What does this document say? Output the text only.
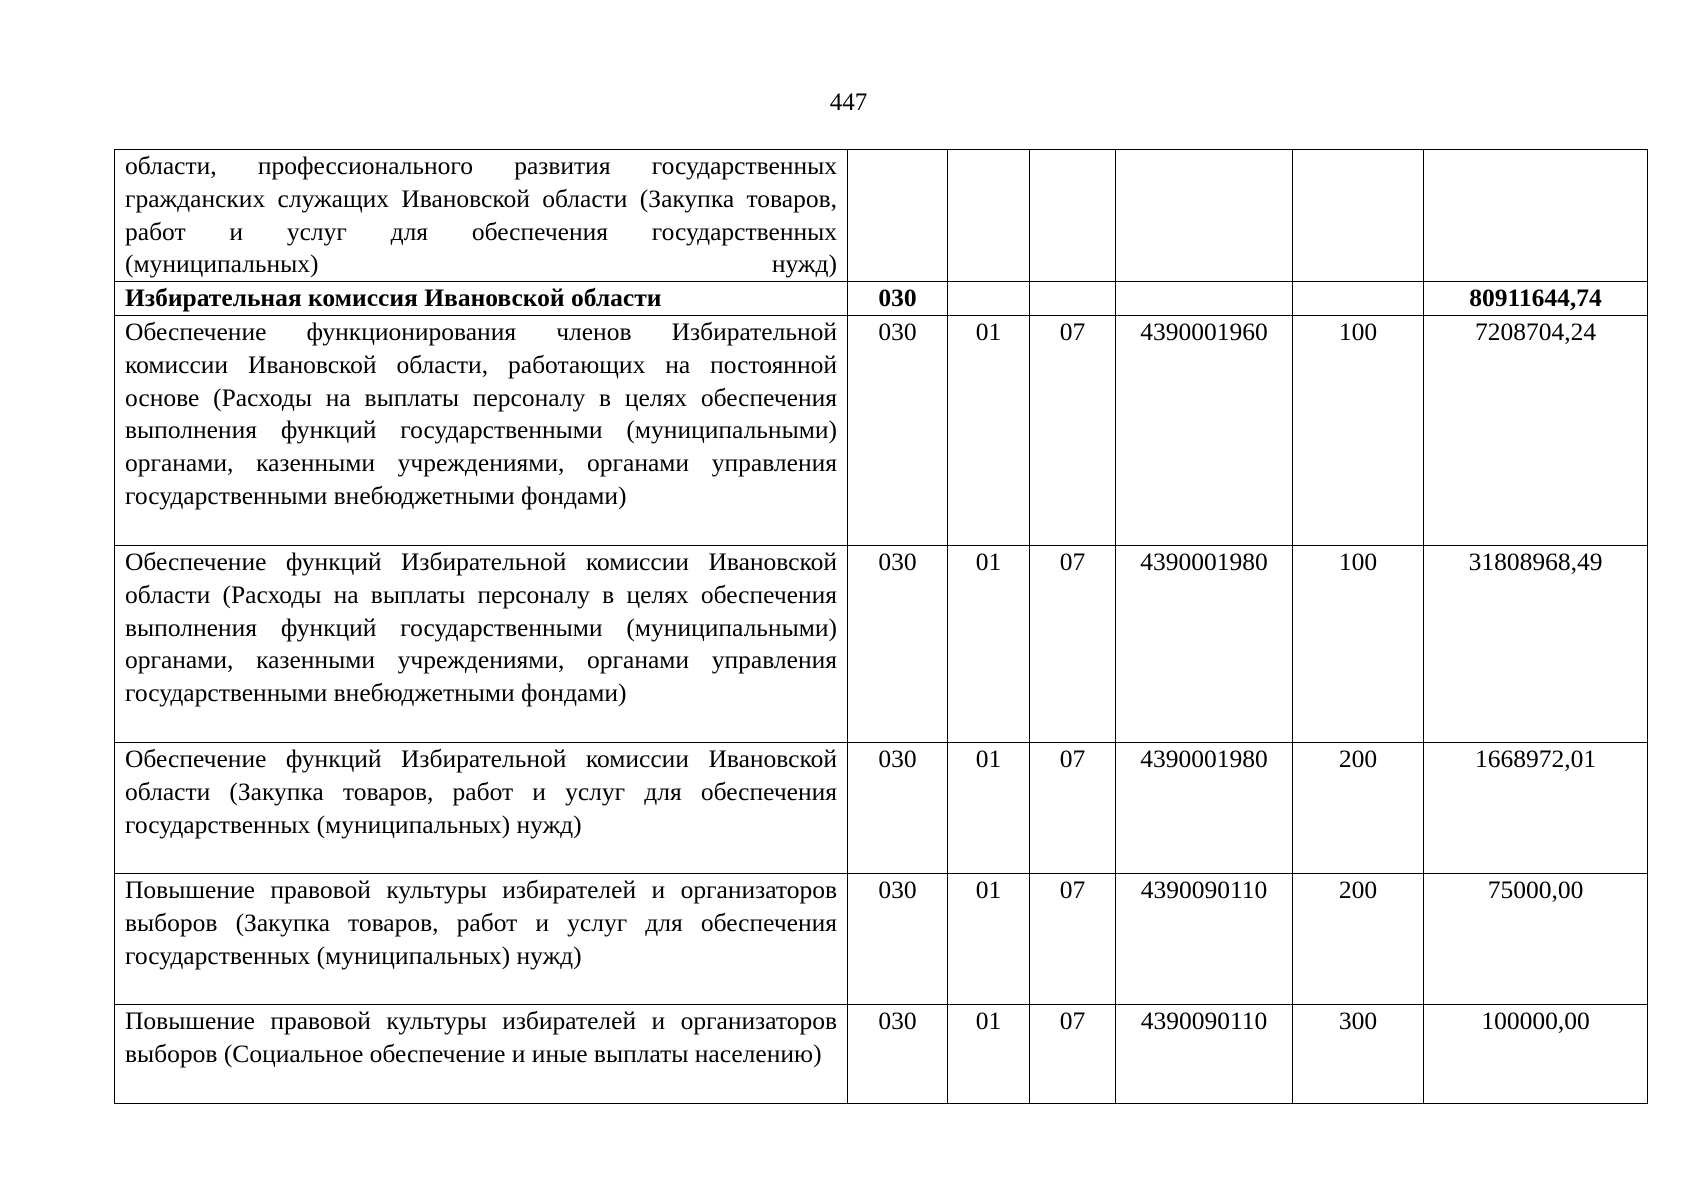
447
области, профессионального развития государственных гражданских служащих Ивановской области (Закупка товаров, работ и услуг для обеспечения государственных (муниципальных) нужд)						
Избирательная комиссия Ивановской области	030					80911644,74
Обеспечение функционирования членов Избирательной комиссии Ивановской области, работающих на постоянной основе (Расходы на выплаты персоналу в целях обеспечения выполнения функций государственными (муниципальными) органами, казенными учреждениями, органами управления государственными внебюджетными фондами)	030	01	07	4390001960	100	7208704,24
Обеспечение функций Избирательной комиссии Ивановской области (Расходы на выплаты персоналу в целях обеспечения выполнения функций государственными (муниципальными) органами, казенными учреждениями, органами управления государственными внебюджетными фондами)	030	01	07	4390001980	100	31808968,49
Обеспечение функций Избирательной комиссии Ивановской области (Закупка товаров, работ и услуг для обеспечения государственных (муниципальных) нужд)	030	01	07	4390001980	200	1668972,01
Повышение правовой культуры избирателей и организаторов выборов (Закупка товаров, работ и услуг для обеспечения государственных (муниципальных) нужд)	030	01	07	4390090110	200	75000,00
Повышение правовой культуры избирателей и организаторов выборов (Социальное обеспечение и иные выплаты населению)	030	01	07	4390090110	300	100000,00
